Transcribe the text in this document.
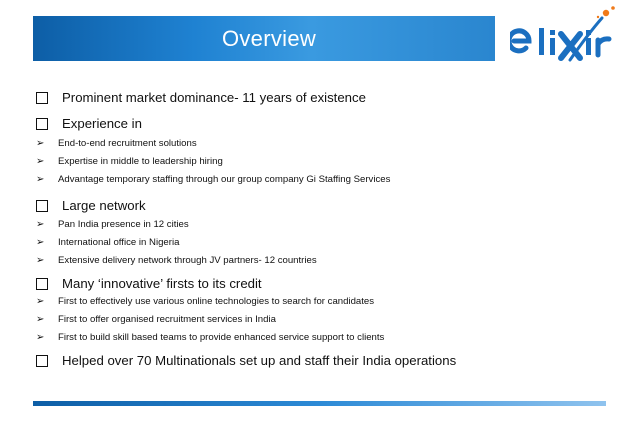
Overview
Prominent market dominance- 11 years of existence
Experience in
➢	End-to-end recruitment solutions
➢	Expertise in middle to leadership hiring
➢	Advantage temporary staffing through our group company Gi Staffing Services
Large network
➢	Pan India presence in 12 cities
➢	International office in Nigeria
➢	Extensive delivery network through JV partners- 12 countries
Many ‘innovative’ firsts to its credit
➢	First to effectively use various online technologies to search for candidates
➢	First to offer organised recruitment services in India
➢	First to build skill based teams to provide enhanced service support to clients
Helped over 70 Multinationals set up and staff their India operations
